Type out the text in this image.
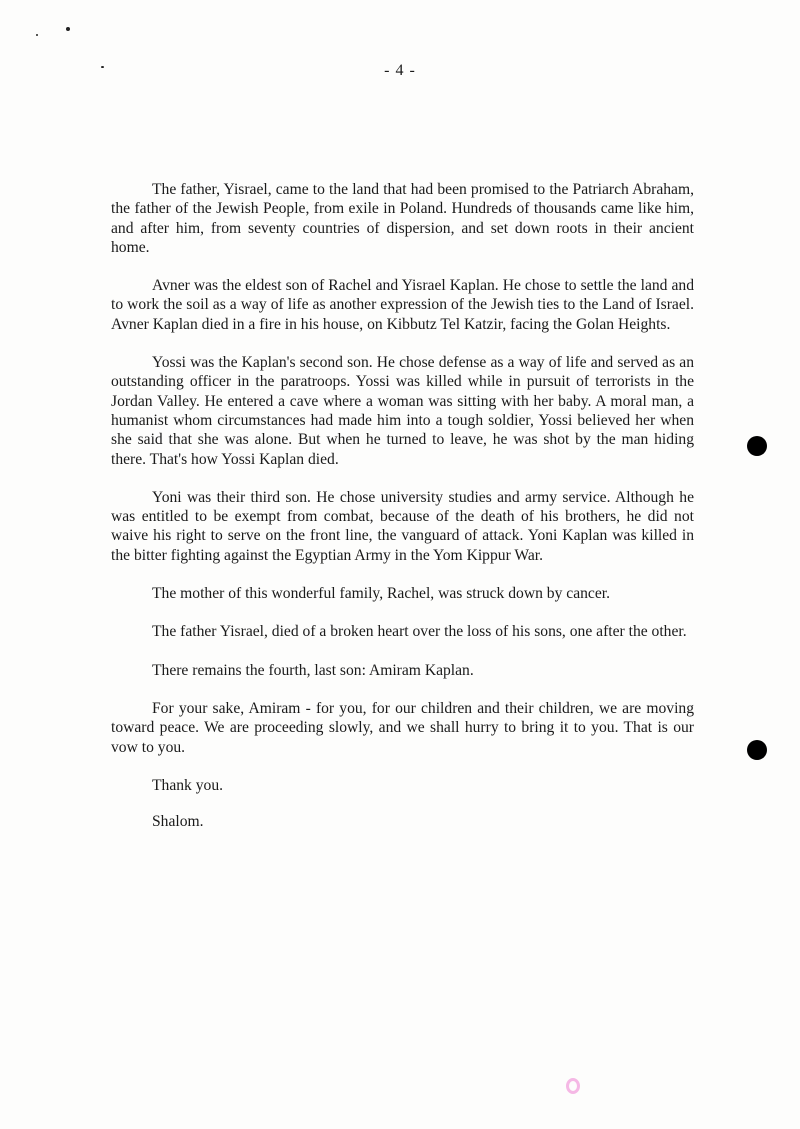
- 4 -

The father, Yisrael, came to the land that had been promised to the Patriarch Abraham, the father of the Jewish People, from exile in Poland. Hundreds of thousands came like him, and after him, from seventy countries of dispersion, and set down roots in their ancient home.

Avner was the eldest son of Rachel and Yisrael Kaplan. He chose to settle the land and to work the soil as a way of life as another expression of the Jewish ties to the Land of Israel. Avner Kaplan died in a fire in his house, on Kibbutz Tel Katzir, facing the Golan Heights.

Yossi was the Kaplan's second son. He chose defense as a way of life and served as an outstanding officer in the paratroops. Yossi was killed while in pursuit of terrorists in the Jordan Valley. He entered a cave where a woman was sitting with her baby. A moral man, a humanist whom circumstances had made him into a tough soldier, Yossi believed her when she said that she was alone. But when he turned to leave, he was shot by the man hiding there. That's how Yossi Kaplan died.

Yoni was their third son. He chose university studies and army service. Although he was entitled to be exempt from combat, because of the death of his brothers, he did not waive his right to serve on the front line, the vanguard of attack. Yoni Kaplan was killed in the bitter fighting against the Egyptian Army in the Yom Kippur War.

The mother of this wonderful family, Rachel, was struck down by cancer.

The father Yisrael, died of a broken heart over the loss of his sons, one after the other.

There remains the fourth, last son: Amiram Kaplan.

For your sake, Amiram - for you, for our children and their children, we are moving toward peace. We are proceeding slowly, and we shall hurry to bring it to you. That is our vow to you.

Thank you.

Shalom.
